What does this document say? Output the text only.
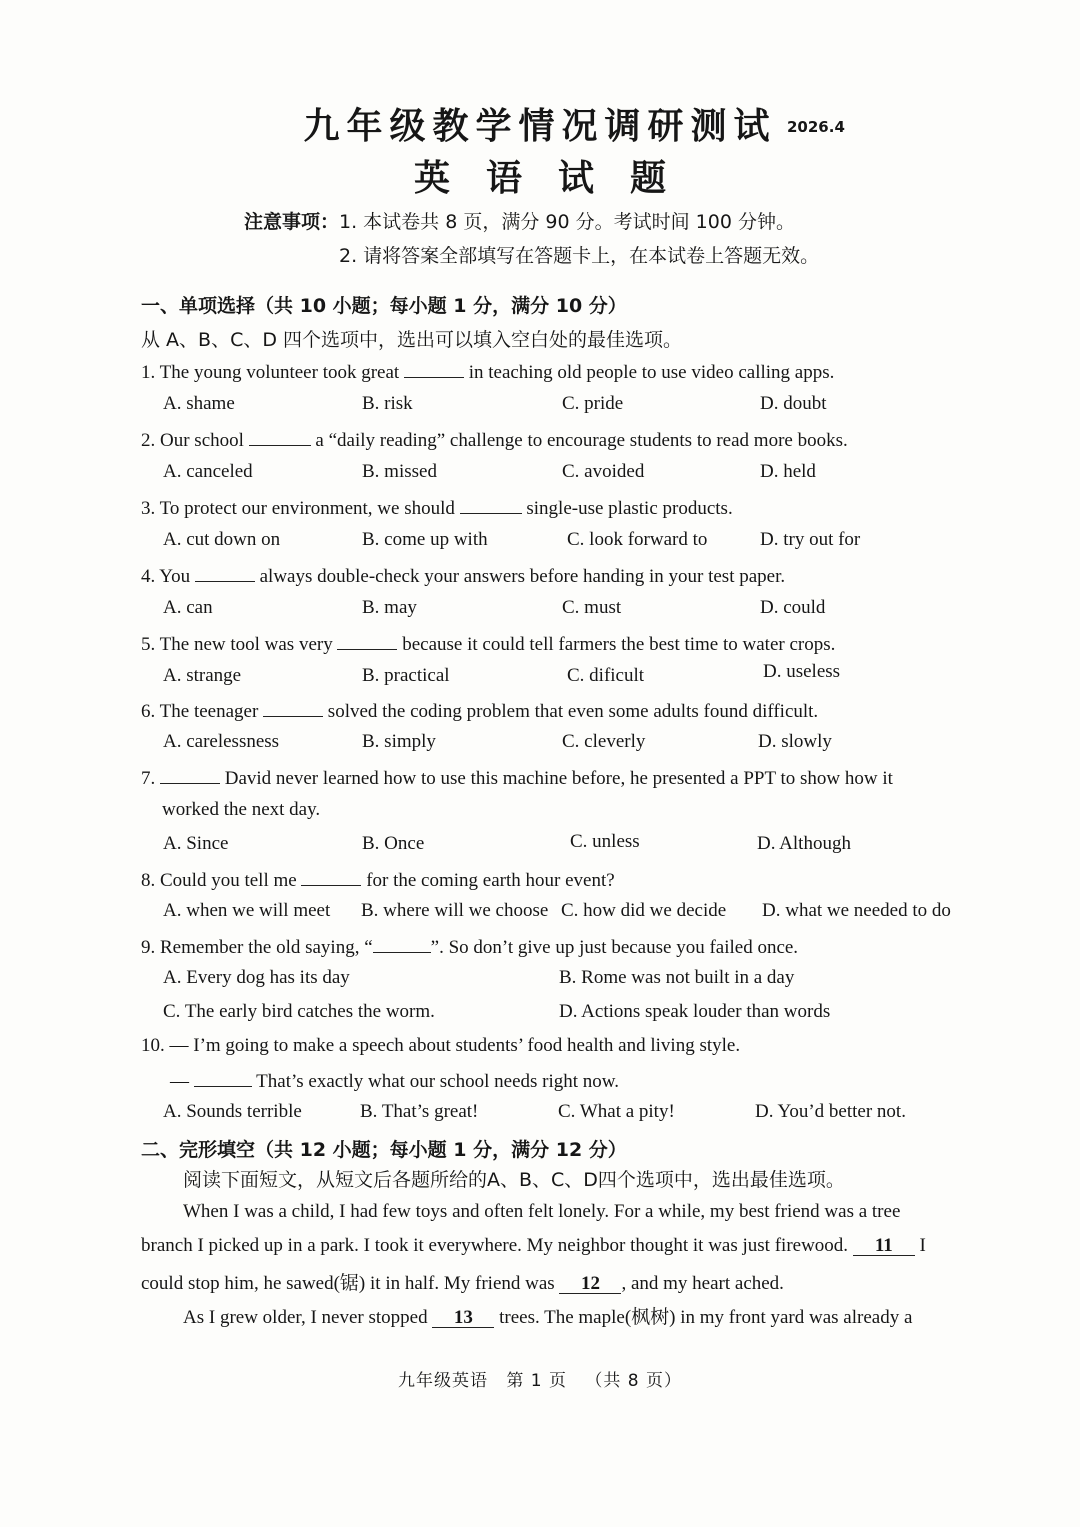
九年级教学情况调研测试 2026.4
英语试题
注意事项：1. 本试卷共 8 页，满分 90 分。考试时间 100 分钟。
2. 请将答案全部填写在答题卡上，在本试卷上答题无效。
一、单项选择（共 10 小题；每小题 1 分，满分 10 分）
从 A、B、C、D 四个选项中，选出可以填入空白处的最佳选项。
1. The young volunteer took great	in teaching old people to use video calling apps.
A. shame	B. risk	C. pride	D. doubt
2. Our school	a “daily reading” challenge to encourage students to read more books.
A. canceled	B. missed	C. avoided	D. held
3. To protect our environment, we should	single-use plastic products.
A. cut down on	B. come up with	C. look forward to	D. try out for
4. You	always double-check your answers before handing in your test paper.
A. can	B. may	C. must	D. could
5. The new tool was very	because it could tell farmers the best time to water crops.
A. strange	B. practical	C. dificult	D. useless
6. The teenager	solved the coding problem that even some adults found difficult.
A. carelessness	B. simply	C. cleverly	D. slowly
7.	David never learned how to use this machine before, he presented a PPT to show how it
worked the next day.
A. Since	B. Once	C. unless	D. Although
8. Could you tell me	for the coming earth hour event?
A. when we will meet B. where will we choose C. how did we decide D. what we needed to do
9. Remember the old saying, “	”. So don’t give up just because you failed once.
A. Every dog has its day	B. Rome was not built in a day
C. The early bird catches the worm.	D. Actions speak louder than words
10. — I’m going to make a speech about students’ food health and living style.
—	That’s exactly what our school needs right now.
A. Sounds terrible	B. That’s great!	C. What a pity!	D. You’d better not.
二、完形填空（共 12 小题；每小题 1 分，满分 12 分）
阅读下面短文，从短文后各题所给的A、B、C、D四个选项中，选出最佳选项。
When I was a child, I had few toys and often felt lonely. For a while, my best friend was a tree
branch I picked up in a park. I took it everywhere. My neighbor thought it was just firewood. 11 I
could stop him, he sawed(锯) it in half. My friend was 12 , and my heart ached.
As I grew older, I never stopped 13 trees. The maple(枫树) in my front yard was already a
九年级英语 第 1 页 （共 8 页）
